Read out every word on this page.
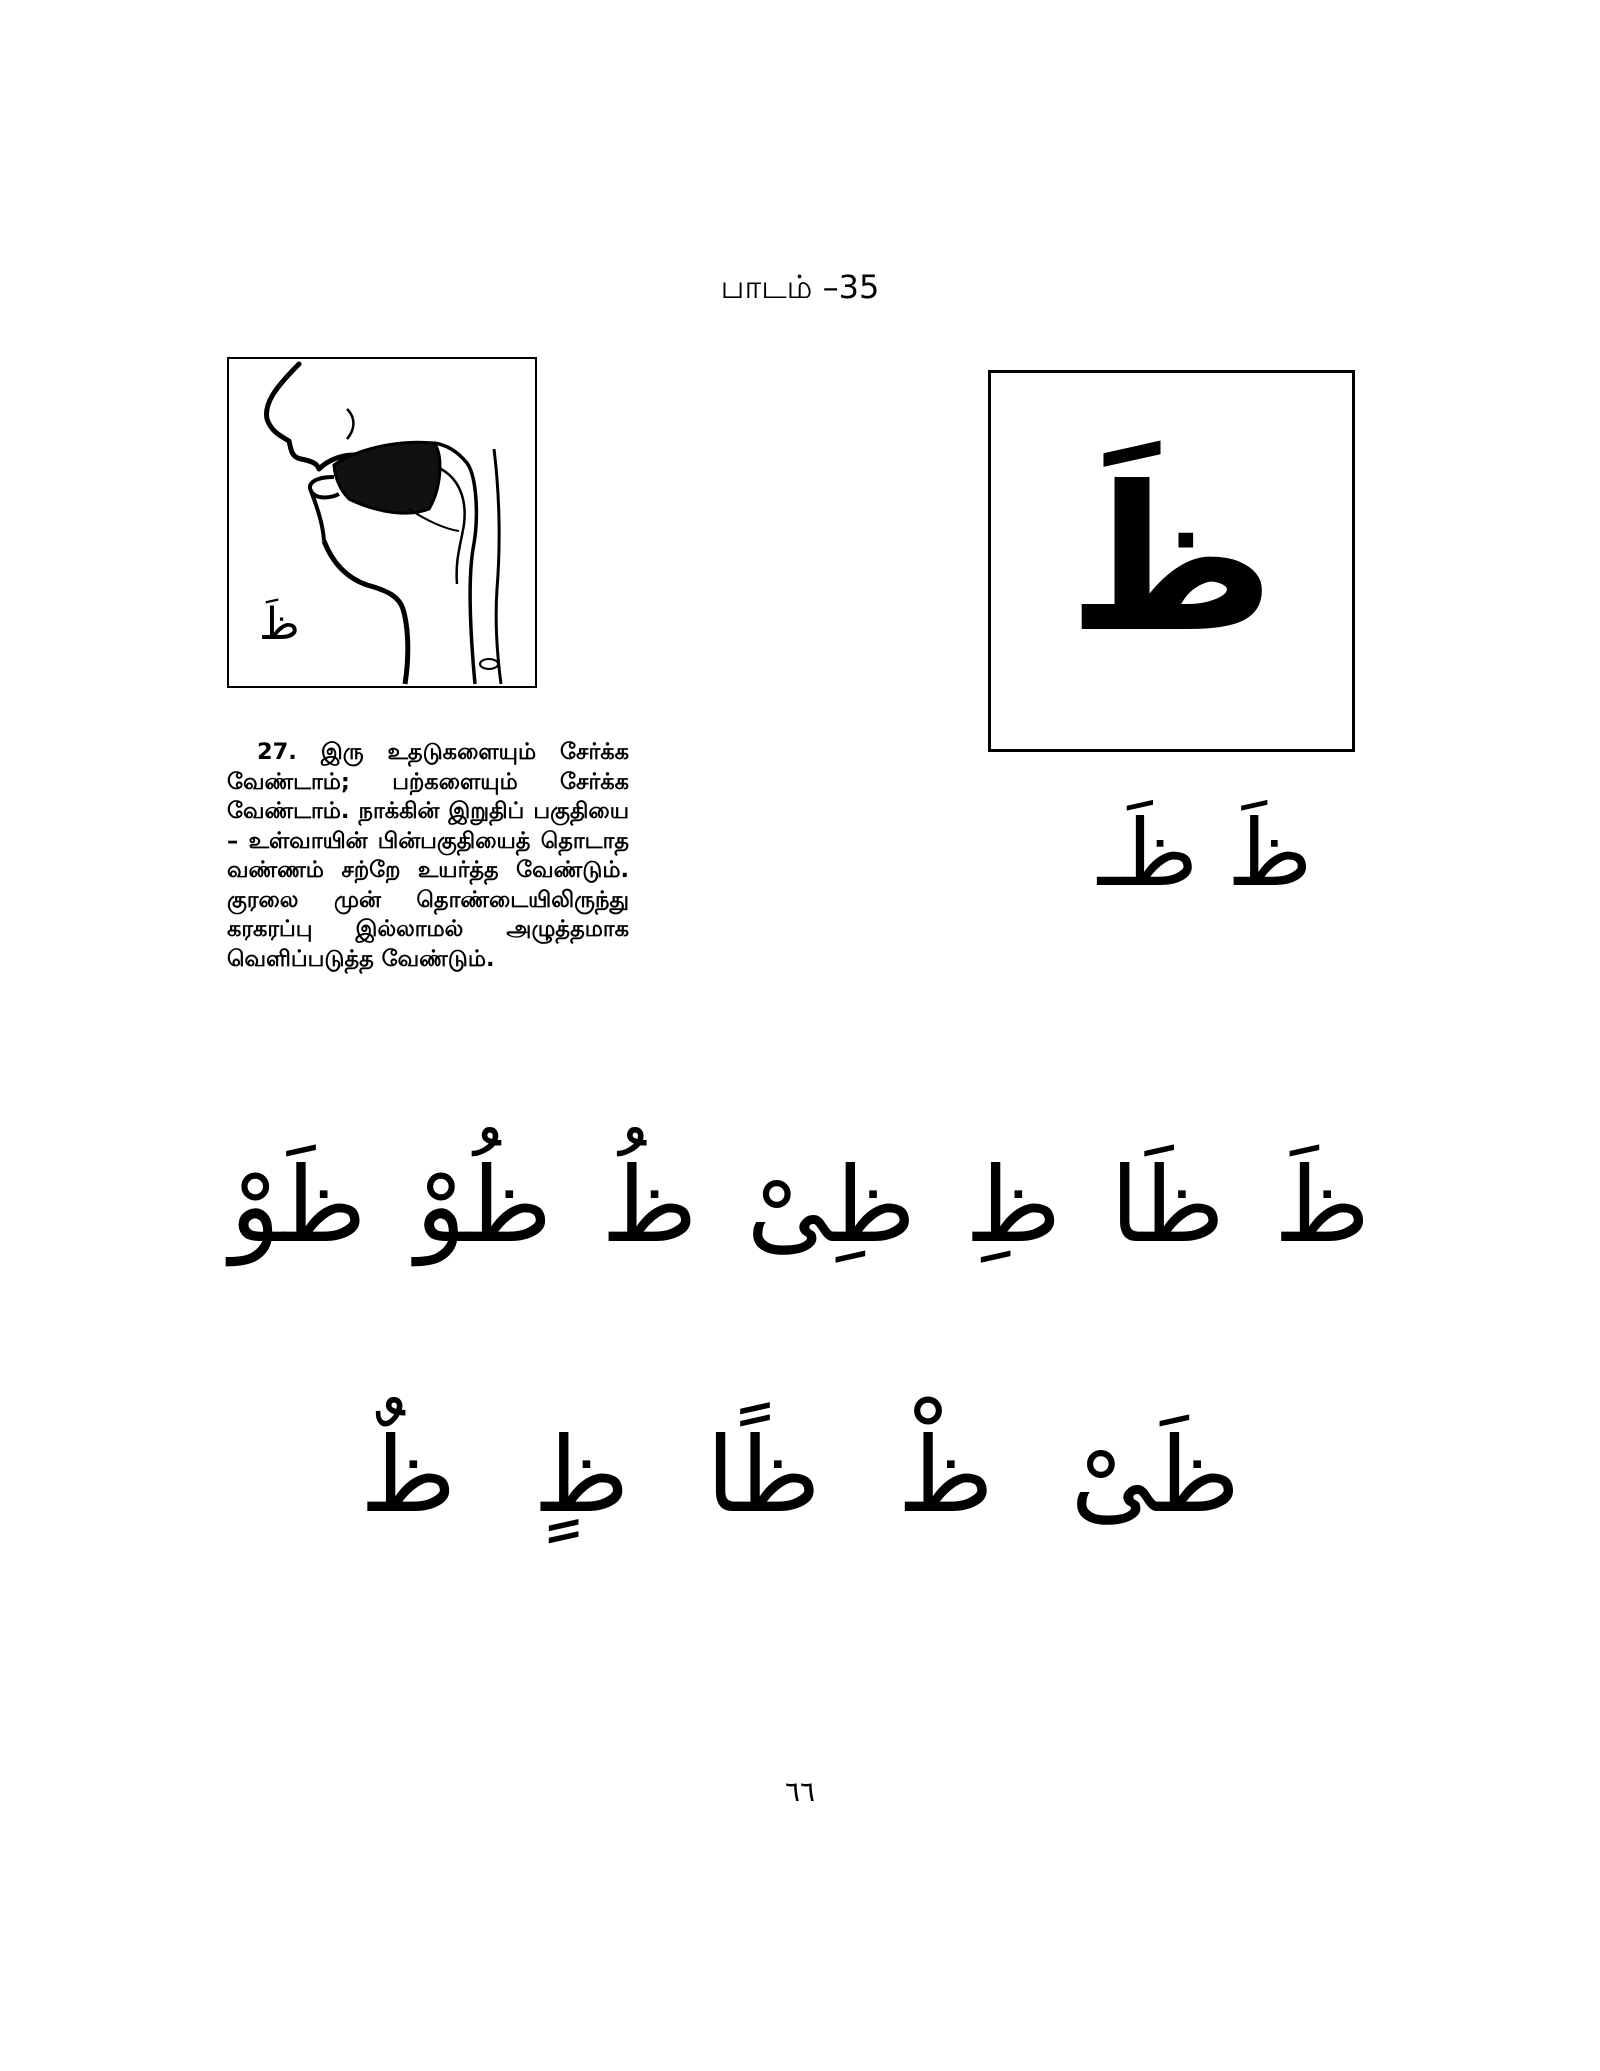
பாடம் –35
ظَ	ظَ
ظَ ظَـ

27. இரு உதடுகளையும் சேர்க்க வேண்டாம்; பற்களையும் சேர்க்க வேண்டாம். நாக்கின் இறுதிப் பகுதியை – உள்வாயின் பின்பகுதியைத் தொடாத வண்ணம் சற்றே உயர்த்த வேண்டும். குரலை முன் தொண்டையிலிருந்து கரகரப்பு இல்லாமல் அழுத்தமாக வெளிப்படுத்த வேண்டும்.

ظَ
ظَا
ظِ
ظِیْ
ظُ
ظُوْ
ظَوْ
ظَیْ
ظْ
ظًا
ظٍ
ظٌ
٦٦
